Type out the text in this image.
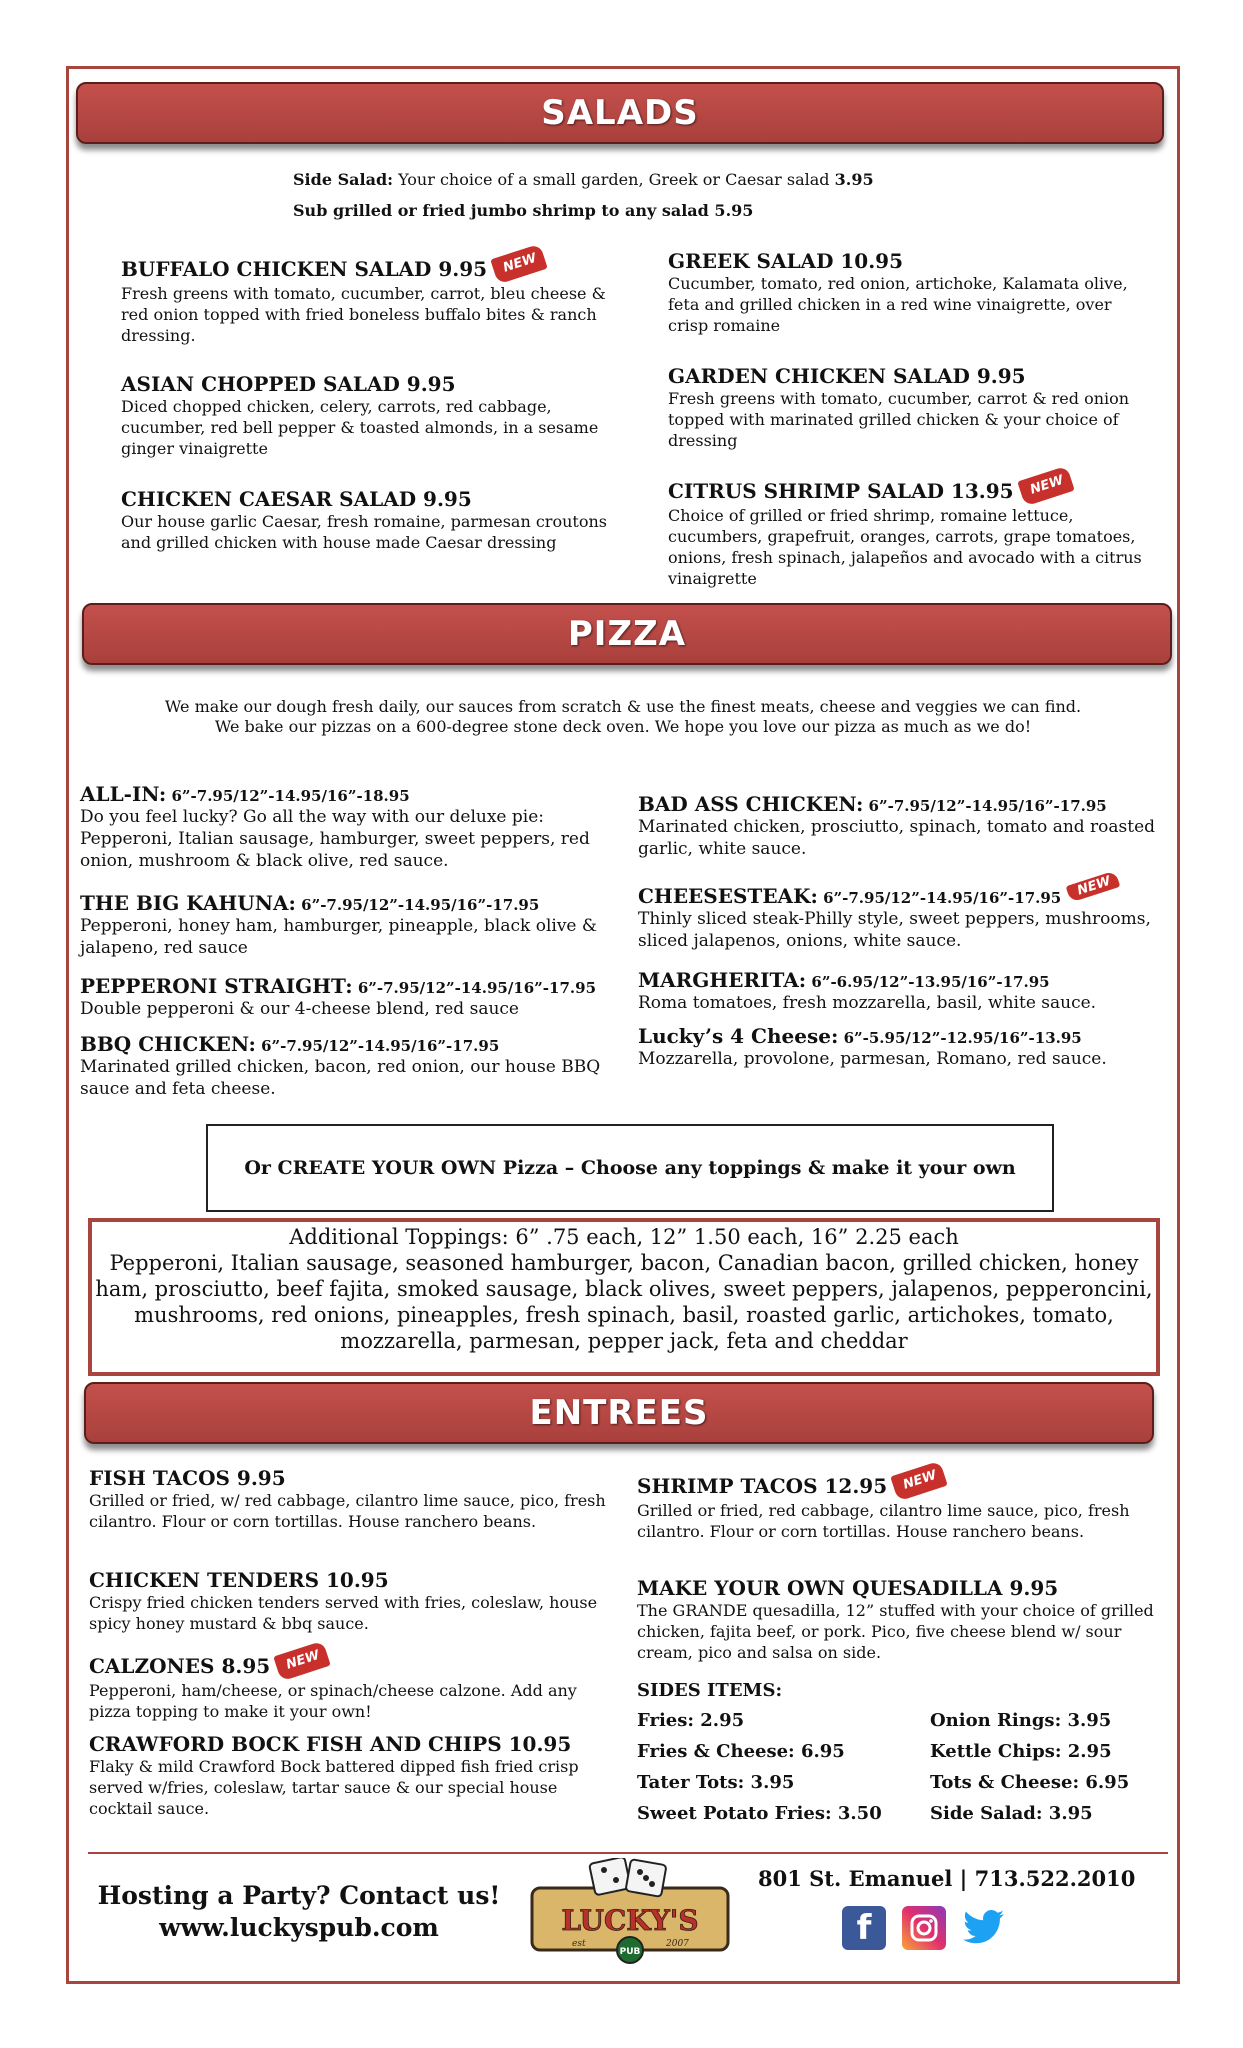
SALADS
Side Salad: Your choice of a small garden, Greek or Caesar salad 3.95
Sub grilled or fried jumbo shrimp to any salad 5.95
BUFFALO CHICKEN SALAD 9.95 NEW
Fresh greens with tomato, cucumber, carrot, bleu cheese & red onion topped with fried boneless buffalo bites & ranch dressing.
ASIAN CHOPPED SALAD 9.95
Diced chopped chicken, celery, carrots, red cabbage, cucumber, red bell pepper & toasted almonds, in a sesame ginger vinaigrette
CHICKEN CAESAR SALAD 9.95
Our house garlic Caesar, fresh romaine, parmesan croutons and grilled chicken with house made Caesar dressing
GREEK SALAD 10.95
Cucumber, tomato, red onion, artichoke, Kalamata olive, feta and grilled chicken in a red wine vinaigrette, over crisp romaine
GARDEN CHICKEN SALAD 9.95
Fresh greens with tomato, cucumber, carrot & red onion topped with marinated grilled chicken & your choice of dressing
CITRUS SHRIMP SALAD 13.95 NEW
Choice of grilled or fried shrimp, romaine lettuce, cucumbers, grapefruit, oranges, carrots, grape tomatoes, onions, fresh spinach, jalapeños and avocado with a citrus vinaigrette
PIZZA
We make our dough fresh daily, our sauces from scratch & use the finest meats, cheese and veggies we can find.
We bake our pizzas on a 600-degree stone deck oven. We hope you love our pizza as much as we do!
ALL-IN: 6”-7.95/12”-14.95/16”-18.95
Do you feel lucky? Go all the way with our deluxe pie: Pepperoni, Italian sausage, hamburger, sweet peppers, red onion, mushroom & black olive, red sauce.
THE BIG KAHUNA: 6”-7.95/12”-14.95/16”-17.95
Pepperoni, honey ham, hamburger, pineapple, black olive & jalapeno, red sauce
PEPPERONI STRAIGHT: 6”-7.95/12”-14.95/16”-17.95
Double pepperoni & our 4-cheese blend, red sauce
BBQ CHICKEN: 6”-7.95/12”-14.95/16”-17.95
Marinated grilled chicken, bacon, red onion, our house BBQ sauce and feta cheese.
BAD ASS CHICKEN: 6”-7.95/12”-14.95/16”-17.95
Marinated chicken, prosciutto, spinach, tomato and roasted garlic, white sauce.
CHEESESTEAK: 6”-7.95/12”-14.95/16”-17.95 NEW
Thinly sliced steak-Philly style, sweet peppers, mushrooms, sliced jalapenos, onions, white sauce.
MARGHERITA: 6”-6.95/12”-13.95/16”-17.95
Roma tomatoes, fresh mozzarella, basil, white sauce.
Lucky’s 4 Cheese: 6”-5.95/12”-12.95/16”-13.95
Mozzarella, provolone, parmesan, Romano, red sauce.
Or CREATE YOUR OWN Pizza – Choose any toppings & make it your own
Additional Toppings: 6” .75 each, 12” 1.50 each, 16” 2.25 each
Pepperoni, Italian sausage, seasoned hamburger, bacon, Canadian bacon, grilled chicken, honey ham, prosciutto, beef fajita, smoked sausage, black olives, sweet peppers, jalapenos, pepperoncini, mushrooms, red onions, pineapples, fresh spinach, basil, roasted garlic, artichokes, tomato, mozzarella, parmesan, pepper jack, feta and cheddar
ENTREES
FISH TACOS 9.95
Grilled or fried, w/ red cabbage, cilantro lime sauce, pico, fresh cilantro. Flour or corn tortillas. House ranchero beans.
CHICKEN TENDERS 10.95
Crispy fried chicken tenders served with fries, coleslaw, house spicy honey mustard & bbq sauce.
CALZONES 8.95 NEW
Pepperoni, ham/cheese, or spinach/cheese calzone. Add any pizza topping to make it your own!
CRAWFORD BOCK FISH AND CHIPS 10.95
Flaky & mild Crawford Bock battered dipped fish fried crisp served w/fries, coleslaw, tartar sauce & our special house cocktail sauce.
SHRIMP TACOS 12.95 NEW
Grilled or fried, red cabbage, cilantro lime sauce, pico, fresh cilantro. Flour or corn tortillas. House ranchero beans.
MAKE YOUR OWN QUESADILLA 9.95
The GRANDE quesadilla, 12” stuffed with your choice of grilled chicken, fajita beef, or pork. Pico, five cheese blend w/ sour cream, pico and salsa on side.
SIDES ITEMS:
Fries: 2.95	Onion Rings: 3.95
Fries & Cheese: 6.95	Kettle Chips: 2.95
Tater Tots: 3.95	Tots & Cheese: 6.95
Sweet Potato Fries: 3.50	Side Salad: 3.95
Hosting a Party? Contact us!
www.luckyspub.com	LUCKY'S
est	2007
PUB
801 St. Emanuel | 713.522.2010
f
